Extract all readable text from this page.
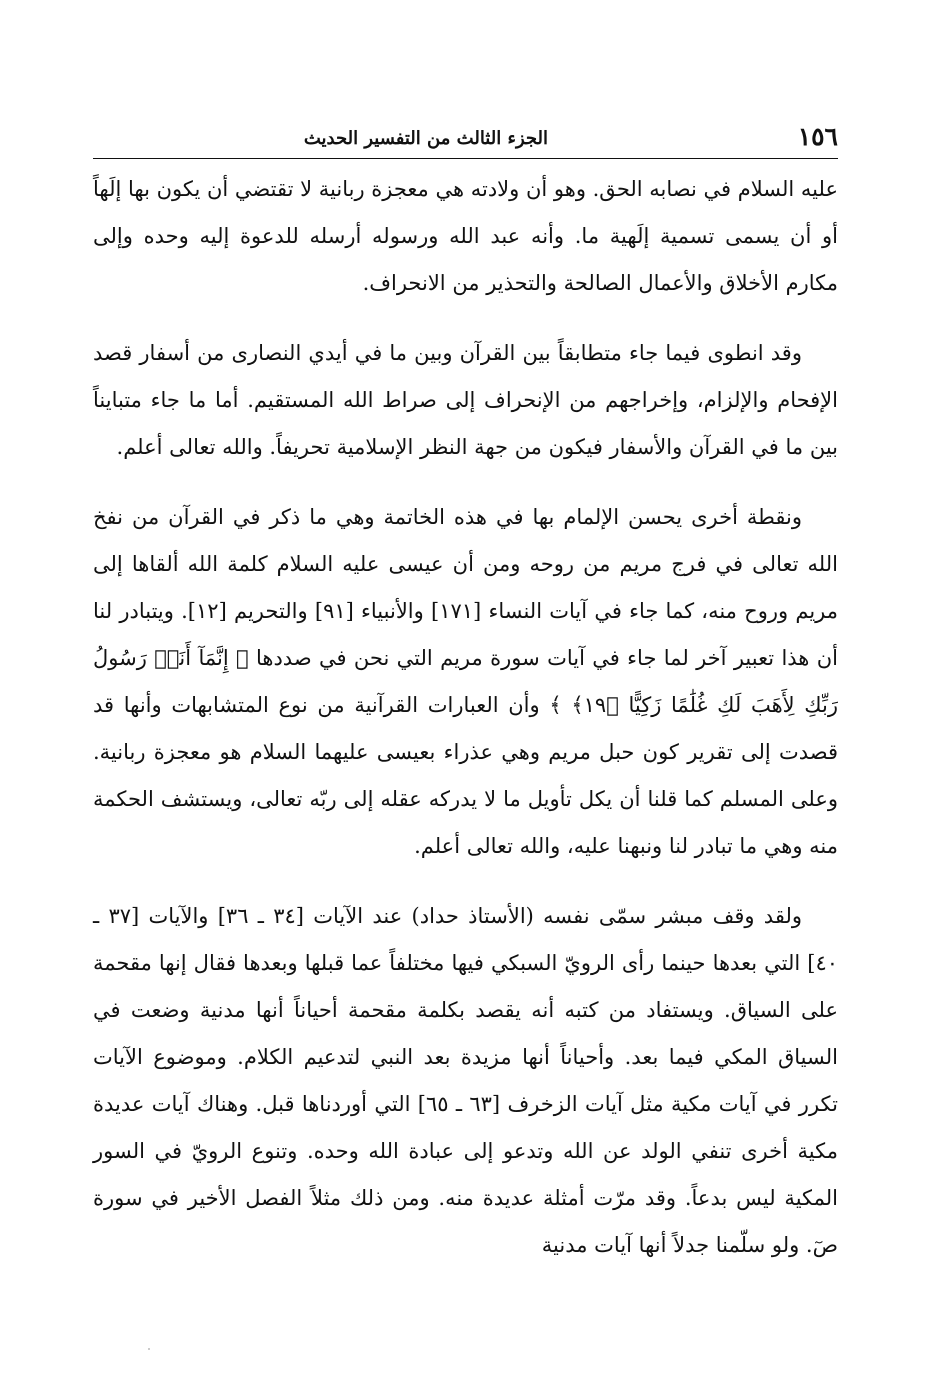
١٥٦
الجزء الثالث من التفسير الحديث

عليه السلام في نصابه الحق. وهو أن ولادته هي معجزة ربانية لا تقتضي أن يكون بها إلَهاً أو أن يسمى تسمية إلَهية ما. وأنه عبد الله ورسوله أرسله للدعوة إليه وحده وإلى مكارم الأخلاق والأعمال الصالحة والتحذير من الانحراف.

وقد انطوى فيما جاء متطابقاً بين القرآن وبين ما في أيدي النصارى من أسفار قصد الإفحام والإلزام، وإخراجهم من الإنحراف إلى صراط الله المستقيم. أما ما جاء متبايناً بين ما في القرآن والأسفار فيكون من جهة النظر الإسلامية تحريفاً. والله تعالى أعلم.

ونقطة أخرى يحسن الإلمام بها في هذه الخاتمة وهي ما ذكر في القرآن من نفخ الله تعالى في فرج مريم من روحه ومن أن عيسى عليه السلام كلمة الله ألقاها إلى مريم وروح منه، كما جاء في آيات النساء [١٧١] والأنبياء [٩١] والتحريم [١٢]. ويتبادر لنا أن هذا تعبير آخر لما جاء في آيات سورة مريم التي نحن في صددها ﴿ إِنَّمَآ أَنَا۠ رَسُولُ رَبِّكِ لِأَهَبَ لَكِ غُلَٰمًا زَكِيًّا ﴿١٩﴾ ﴾ وأن العبارات القرآنية من نوع المتشابهات وأنها قد قصدت إلى تقرير كون حبل مريم وهي عذراء بعيسى عليهما السلام هو معجزة ربانية. وعلى المسلم كما قلنا أن يكل تأويل ما لا يدركه عقله إلى ربّه تعالى، ويستشف الحكمة منه وهي ما تبادر لنا ونبهنا عليه، والله تعالى أعلم.

ولقد وقف مبشر سمّى نفسه (الأستاذ حداد) عند الآيات [٣٤ ـ ٣٦] والآيات [٣٧ ـ ٤٠] التي بعدها حينما رأى الرويّ السبكي فيها مختلفاً عما قبلها وبعدها فقال إنها مقحمة على السياق. ويستفاد من كتبه أنه يقصد بكلمة مقحمة أحياناً أنها مدنية وضعت في السياق المكي فيما بعد. وأحياناً أنها مزيدة بعد النبي لتدعيم الكلام. وموضوع الآيات تكرر في آيات مكية مثل آيات الزخرف [٦٣ ـ ٦٥] التي أوردناها قبل. وهناك آيات عديدة مكية أخرى تنفي الولد عن الله وتدعو إلى عبادة الله وحده. وتنوع الرويّ في السور المكية ليس بدعاً. وقد مرّت أمثلة عديدة منه. ومن ذلك مثلاً الفصل الأخير في سورة صٓ. ولو سلّمنا جدلاً أنها آيات مدنية
